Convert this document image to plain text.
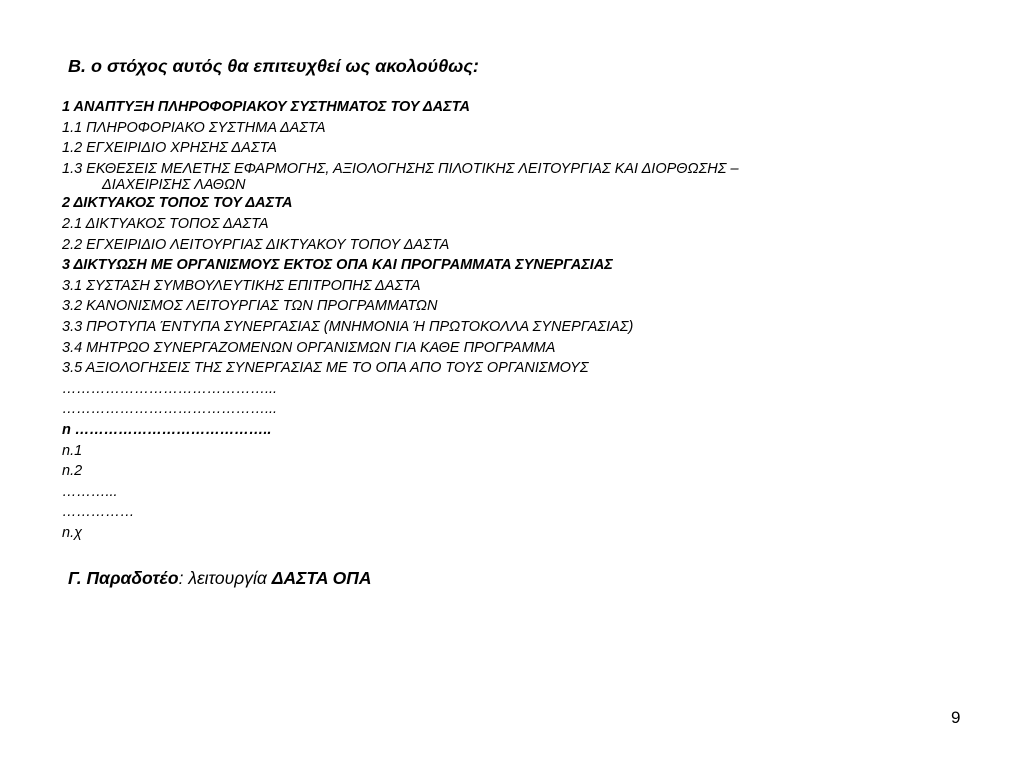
Β. ο στόχος αυτός θα επιτευχθεί ως ακολούθως:
1 ΑΝΑΠΤΥΞΗ ΠΛΗΡΟΦΟΡΙΑΚΟΥ ΣΥΣΤΗΜΑΤΟΣ ΤΟΥ ΔΑΣΤΑ
1.1 ΠΛΗΡΟΦΟΡΙΑΚΟ ΣΥΣΤΗΜΑ ΔΑΣΤΑ
1.2 ΕΓΧΕΙΡΙΔΙΟ ΧΡΗΣΗΣ ΔΑΣΤΑ
1.3 ΕΚΘΕΣΕΙΣ ΜΕΛΕΤΗΣ ΕΦΑΡΜΟΓΗΣ, ΑΞΙΟΛΟΓΗΣΗΣ ΠΙΛΟΤΙΚΗΣ ΛΕΙΤΟΥΡΓΙΑΣ ΚΑΙ ΔΙΟΡΘΩΣΗΣ –
ΔΙΑΧΕΙΡΙΣΗΣ ΛΑΘΩΝ
2 ΔΙΚΤΥΑΚΟΣ ΤΟΠΟΣ ΤΟΥ ΔΑΣΤΑ
2.1 ΔΙΚΤΥΑΚΟΣ ΤΟΠΟΣ ΔΑΣΤΑ
2.2 ΕΓΧΕΙΡΙΔΙΟ ΛΕΙΤΟΥΡΓΙΑΣ ΔΙΚΤΥΑΚΟΥ ΤΟΠΟΥ ΔΑΣΤΑ
3 ΔΙΚΤΥΩΣΗ ΜΕ ΟΡΓΑΝΙΣΜΟΥΣ ΕΚΤΟΣ ΟΠΑ ΚΑΙ ΠΡΟΓΡΑΜΜΑΤΑ ΣΥΝΕΡΓΑΣΙΑΣ
3.1 ΣΥΣΤΑΣΗ ΣΥΜΒΟΥΛΕΥΤΙΚΗΣ ΕΠΙΤΡΟΠΗΣ ΔΑΣΤΑ
3.2 ΚΑΝΟΝΙΣΜΟΣ ΛΕΙΤΟΥΡΓΙΑΣ ΤΩΝ ΠΡΟΓΡΑΜΜΑΤΩΝ
3.3 ΠΡΟΤΥΠΑ ΈΝΤΥΠΑ ΣΥΝΕΡΓΑΣΙΑΣ (ΜΝΗΜΟΝΙΑ Ή ΠΡΩΤΟΚΟΛΛΑ ΣΥΝΕΡΓΑΣΙΑΣ)
3.4 ΜΗΤΡΩΟ ΣΥΝΕΡΓΑΖΟΜΕΝΩΝ ΟΡΓΑΝΙΣΜΩΝ ΓΙΑ ΚΑΘΕ ΠΡΟΓΡΑΜΜΑ
3.5 ΑΞΙΟΛΟΓΗΣΕΙΣ ΤΗΣ ΣΥΝΕΡΓΑΣΙΑΣ ΜΕ ΤΟ ΟΠΑ ΑΠΟ ΤΟΥΣ ΟΡΓΑΝΙΣΜΟΥΣ
……………………………………...
……………………………………...
n …………………………………..
n.1
n.2
………...
……………
n.χ
Γ. Παραδοτέο: λειτουργία ΔΑΣΤΑ ΟΠΑ
9
